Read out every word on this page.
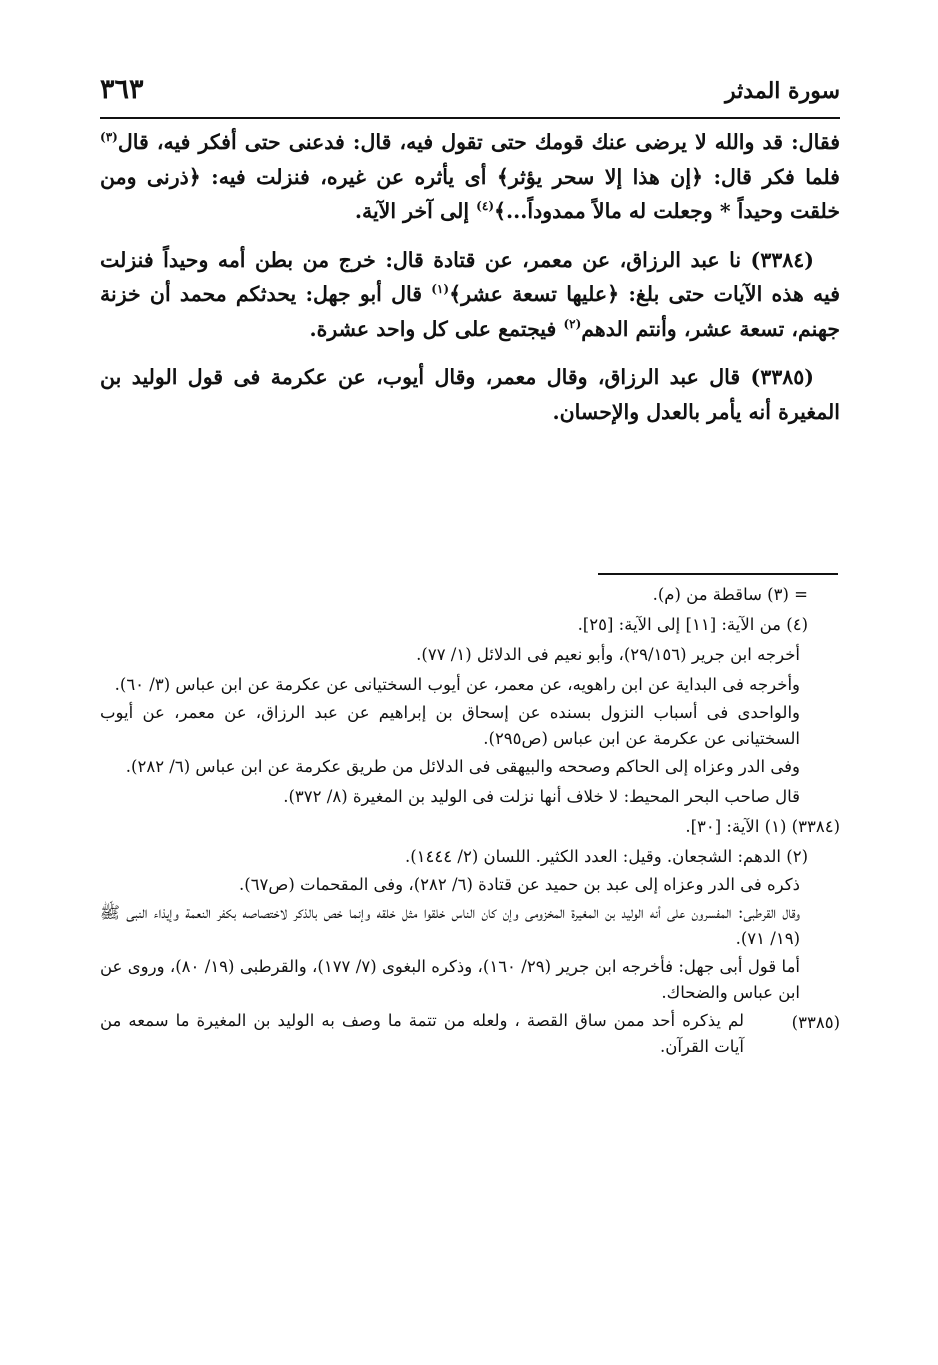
سورة المدثر
٣٦٣

فقال: قد والله لا يرضى عنك قومك حتى تقول فيه، قال: فدعنى حتى أفكر فيه، قال$^{(٣)}$ فلما فكر قال: ﴿إن هذا إلا سحر يؤثر﴾ أى يأثره عن غيره، فنزلت فيه: ﴿ذرنى ومن خلقت وحيداً * وجعلت له مالاً ممدوداً...﴾$^{(٤)}$ إلى آخر الآية.

(٣٣٨٤) نا عبد الرزاق، عن معمر، عن قتادة قال: خرج من بطن أمه وحيداً فنزلت فيه هذه الآيات حتى بلغ: ﴿عليها تسعة عشر﴾$^{(١)}$ قال أبو جهل: يحدثكم محمد أن خزنة جهنم، تسعة عشر، وأنتم الدهم$^{(٢)}$ فيجتمع على كل واحد عشرة.

(٣٣٨٥) قال عبد الرزاق، وقال معمر، وقال أيوب، عن عكرمة فى قول الوليد بن المغيرة أنه يأمر بالعدل والإحسان.

= (٣) ساقطة من (م).
(٤) من الآية: [١١] إلى الآية: [٢٥].
أخرجه ابن جرير (٢٩/١٥٦)، وأبو نعيم فى الدلائل (١/ ٧٧).
وأخرجه فى البداية عن ابن راهويه، عن معمر، عن أيوب السختيانى عن عكرمة عن ابن عباس (٣/ ٦٠).
والواحدى فى أسباب النزول بسنده عن إسحاق بن إبراهيم عن عبد الرزاق، عن معمر، عن أيوب السختيانى عن عكرمة عن ابن عباس (ص٢٩٥).
وفى الدر وعزاه إلى الحاكم وصححه والبيهقى فى الدلائل من طريق عكرمة عن ابن عباس (٦/ ٢٨٢).
قال صاحب البحر المحيط: لا خلاف أنها نزلت فى الوليد بن المغيرة (٨/ ٣٧٢).
(٣٣٨٤) (١) الآية: [٣٠].
(٢) الدهم: الشجعان. وقيل: العدد الكثير. اللسان (٢/ ١٤٤٤).
ذكره فى الدر وعزاه إلى عبد بن حميد عن قتادة (٦/ ٢٨٢)، وفى المقحمات (ص٦٧).
وقال القرطبى: المفسرون على أنه الوليد بن المغيرة المخزومى وإن كان الناس خلقوا مثل خلقه وإنما خص بالذكر لاختصاصه بكفر النعمة وإيذاء النبى ﷺ (١٩/ ٧١).
أما قول أبى جهل: فأخرجه ابن جرير (٢٩/ ١٦٠)، وذكره البغوى (٧/ ١٧٧)، والقرطبى (١٩/ ٨٠)، وروى عن ابن عباس والضحاك.
(٣٣٨٥)
لم يذكره أحد ممن ساق القصة ، ولعله من تتمة ما وصف به الوليد بن المغيرة ما سمعه من آيات القرآن.
